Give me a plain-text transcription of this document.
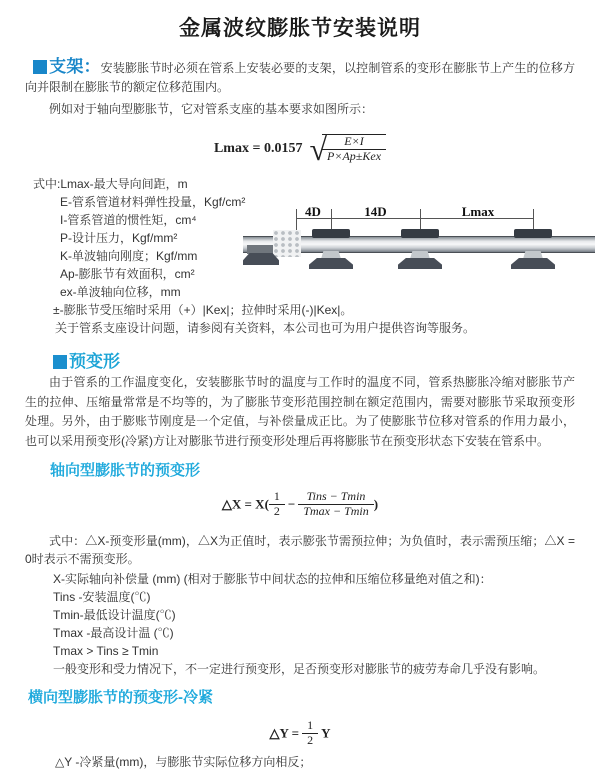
金属波纹膨胀节安装说明

支架：安装膨胀节时必须在管系上安装必要的支架，以控制管系的变形在膨胀节上产生的位移方向并限制在膨胀节的额定位移范围内。

例如对于轴向型膨胀节，它对管系支座的基本要求如图所示：

Lmax = 0.0157 √
$\frac{E\times I}{\text{P×Ap±Kex}}$
式中:Lmax-最大导向间距，m
E-管系管道材料弹性投量，Kgf/cm²
I-管系管道的惯性矩，cm⁴
P-设计压力，Kgf/mm²
K-单波轴向刚度；Kgf/mm
Ap-膨胀节有效面积，cm²
ex-单波轴向位移，mm
±-膨胀节受压缩时采用（+）|Kex|；拉伸时采用(-)|Kex|。
关于管系支座设计问题，请参阅有关资料，本公司也可为用户提供咨询等服务。
4D	14D	Lmax
预变形

由于管系的工作温度变化，安装膨胀节时的温度与工作时的温度不同，管系热膨胀冷缩对膨胀节产生的拉伸、压缩量常常是不均等的，为了膨胀节变形范围控制在额定范围内，需要对膨胀节采取预变形处理。另外，由于膨账节刚度是一个定值，与补偿量成正比。为了使膨胀节位移对管系的作用力最小，也可以采用预变形(冷紧)方让对膨胀节进行预变形处理后再将膨胀节在预变形状态下安装在管系中。

轴向型膨胀节的预变形
△X = $X( \frac{1}{2} - \frac{\text{Tins − Tmin}}{Tmax - Tmin}$ )

式中：△X-预变形量(mm)，△X为正值时，表示膨张节需预拉伸；为负值时，表示需预压缩；△X = 0时表示不需预变形。

X-实际轴向补偿量 (mm) (相对于膨胀节中间状态的拉伸和压缩位移量绝对值之和)：
Tins -安装温度(℃)
Tmin-最低设计温度(℃)
Tmax -最高设计温 (℃)
Tmax > Tins ≥ Tmin
一般变形和受力情况下，不一定进行预变形，足否预变形对膨胀节的疲劳寿命几乎没有影响。
横向型膨胀节的预变形-冷紧
△Y = $\frac{1}{2}$ Y
△Y -冷紧量(mm)，与膨胀节实际位移方向相反；
